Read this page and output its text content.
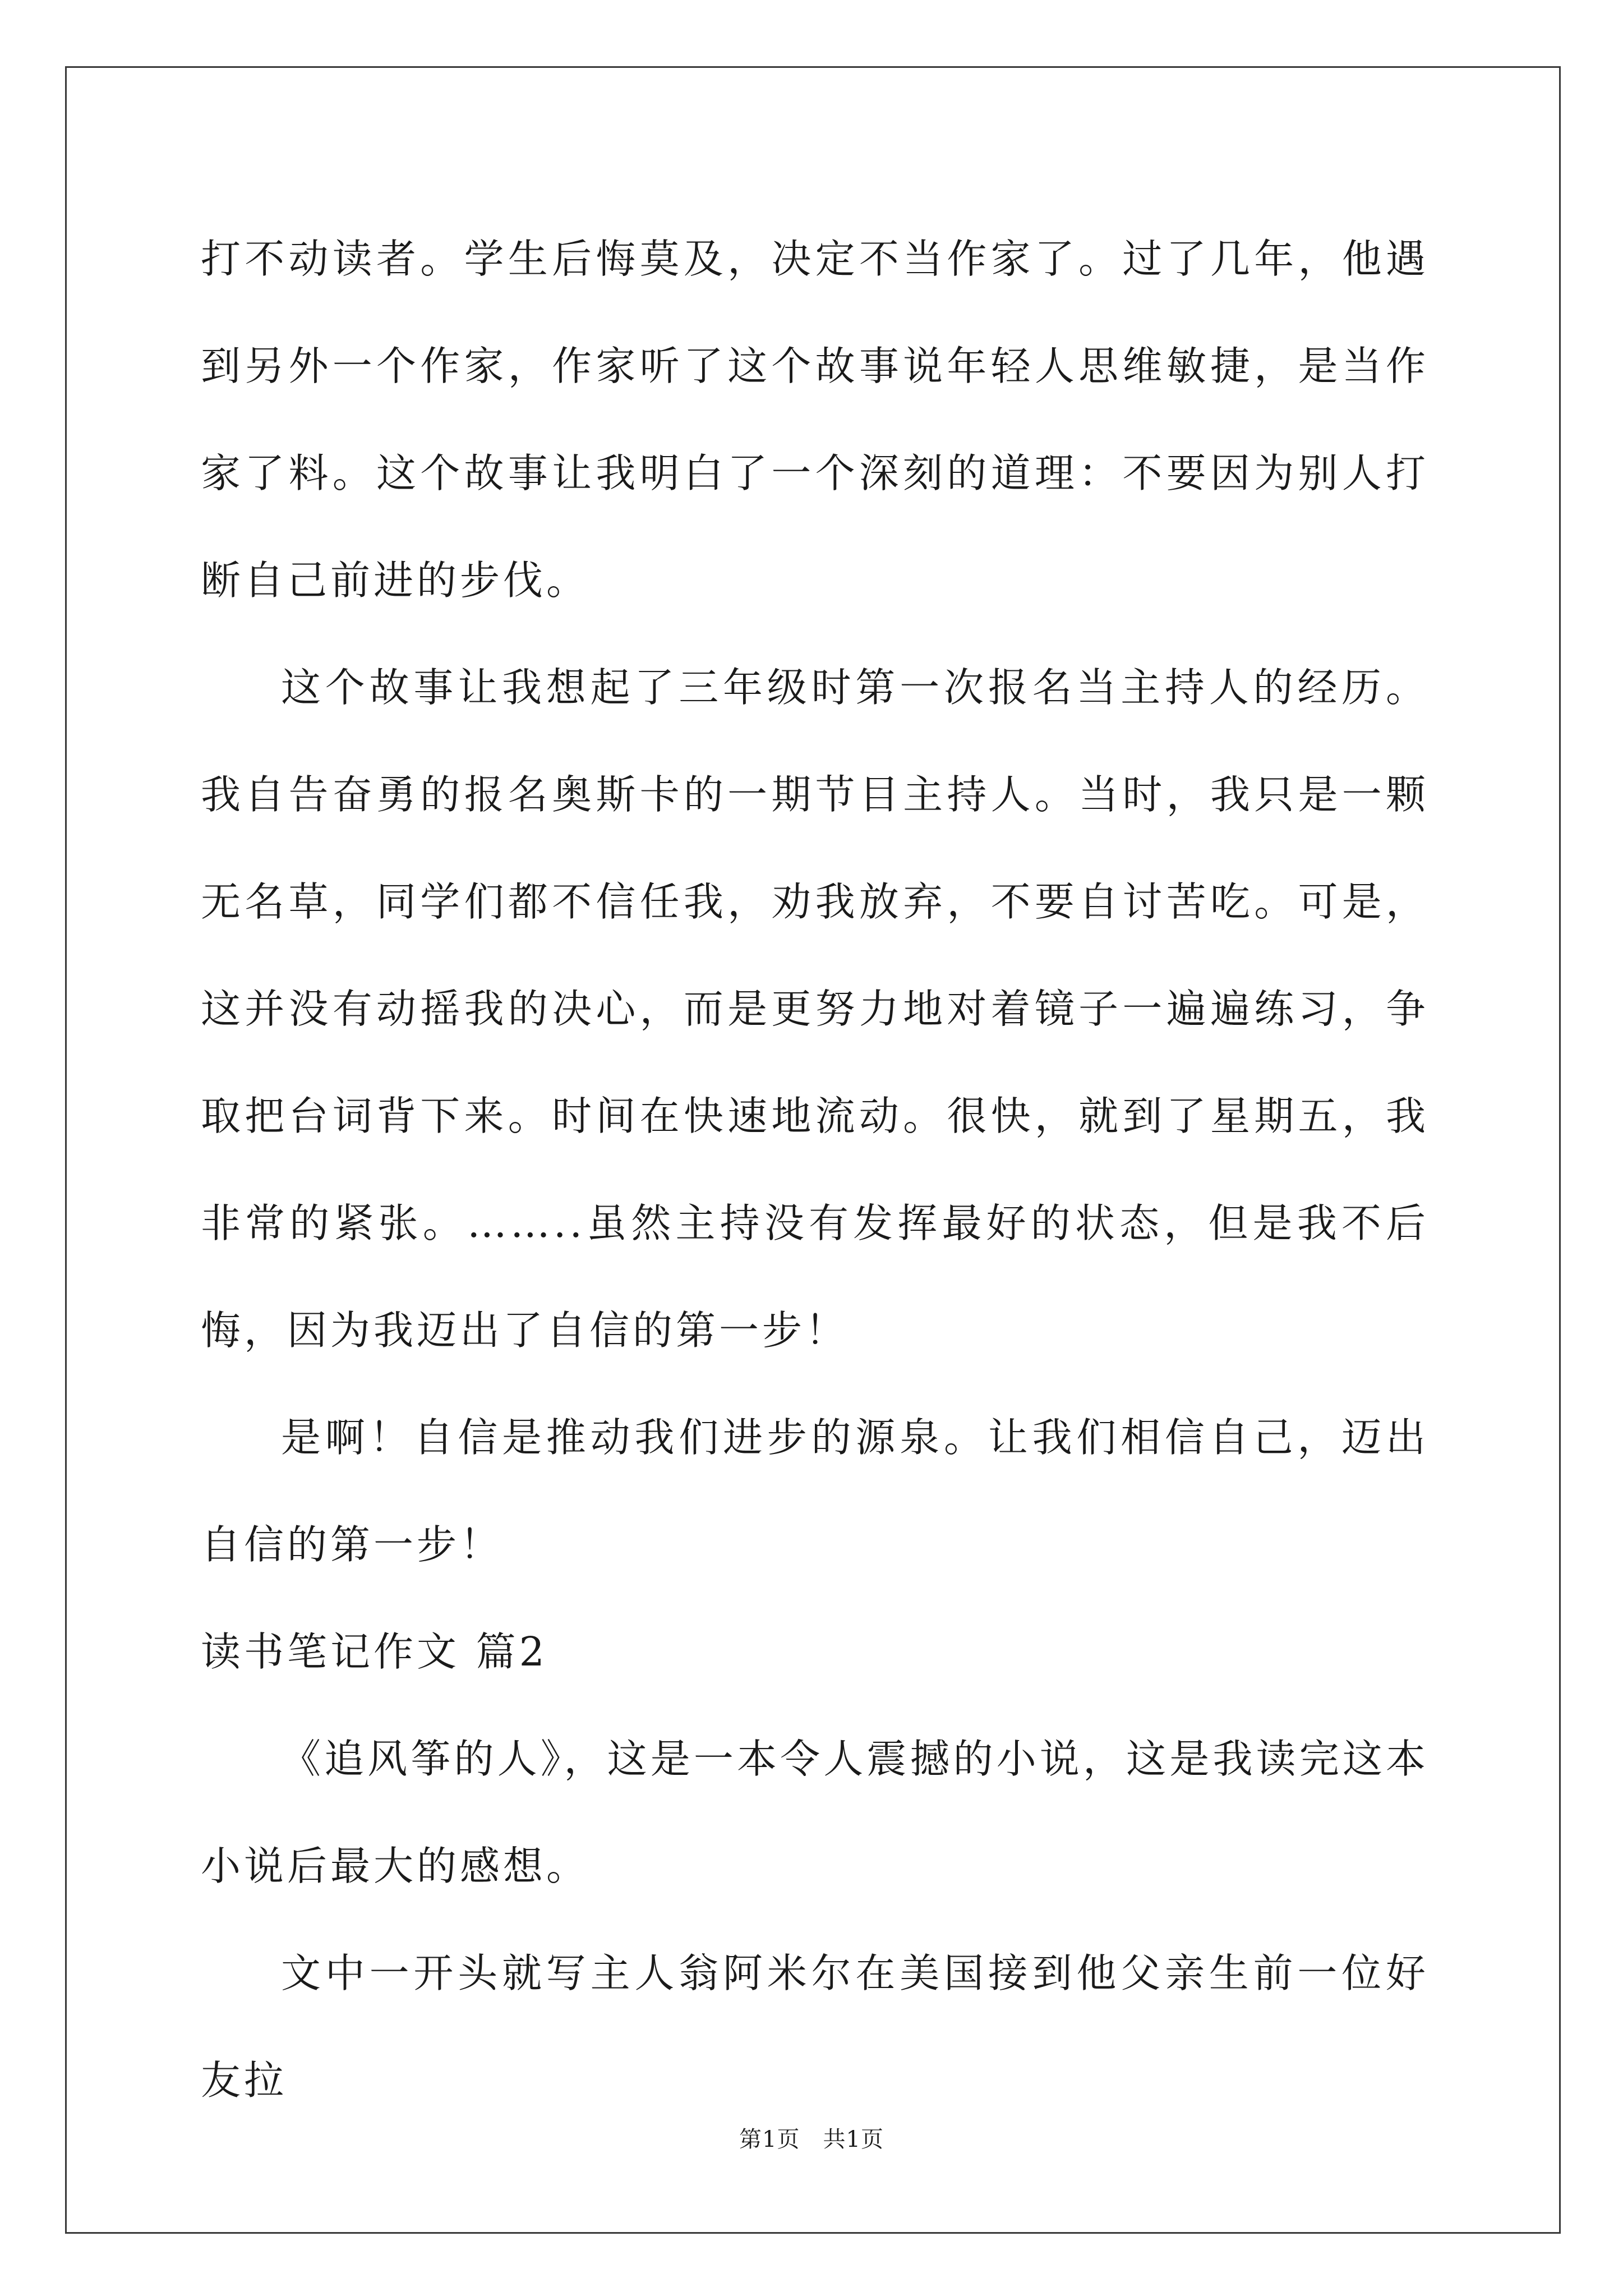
打不动读者。学生后悔莫及，决定不当作家了。过了几年，他遇到另外一个作家，作家听了这个故事说年轻人思维敏捷，是当作家了料。这个故事让我明白了一个深刻的道理：不要因为别人打断自己前进的步伐。

这个故事让我想起了三年级时第一次报名当主持人的经历。我自告奋勇的报名奥斯卡的一期节目主持人。当时，我只是一颗无名草，同学们都不信任我，劝我放弃，不要自讨苦吃。可是，这并没有动摇我的决心，而是更努力地对着镜子一遍遍练习，争取把台词背下来。时间在快速地流动。很快，就到了星期五，我非常的紧张。……..虽然主持没有发挥最好的状态，但是我不后悔，因为我迈出了自信的第一步！

是啊！自信是推动我们进步的源泉。让我们相信自己，迈出自信的第一步！

读书笔记作文 篇2

《追风筝的人》，这是一本令人震撼的小说，这是我读完这本小说后最大的感想。

文中一开头就写主人翁阿米尔在美国接到他父亲生前一位好友拉

第1页　共1页
